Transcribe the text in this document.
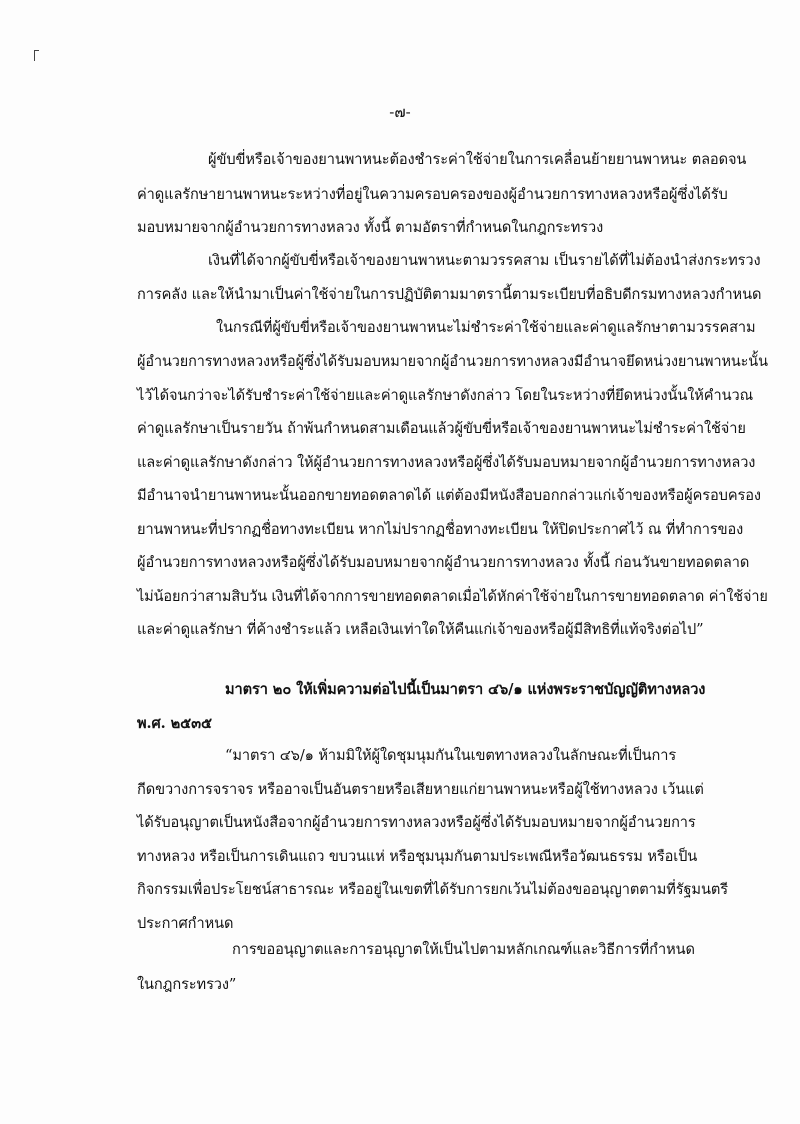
-๗-
ผู้ขับขี่หรือเจ้าของยานพาหนะต้องชำระค่าใช้จ่ายในการเคลื่อนย้ายยานพาหนะ ตลอดจน
ค่าดูแลรักษายานพาหนะระหว่างที่อยู่ในความครอบครองของผู้อำนวยการทางหลวงหรือผู้ซึ่งได้รับ
มอบหมายจากผู้อำนวยการทางหลวง ทั้งนี้ ตามอัตราที่กำหนดในกฎกระทรวง
เงินที่ได้จากผู้ขับขี่หรือเจ้าของยานพาหนะตามวรรคสาม เป็นรายได้ที่ไม่ต้องนำส่งกระทรวง
การคลัง และให้นำมาเป็นค่าใช้จ่ายในการปฏิบัติตามมาตรานี้ตามระเบียบที่อธิบดีกรมทางหลวงกำหนด
ในกรณีที่ผู้ขับขี่หรือเจ้าของยานพาหนะไม่ชำระค่าใช้จ่ายและค่าดูแลรักษาตามวรรคสาม
ผู้อำนวยการทางหลวงหรือผู้ซึ่งได้รับมอบหมายจากผู้อำนวยการทางหลวงมีอำนาจยึดหน่วงยานพาหนะนั้น
ไว้ได้จนกว่าจะได้รับชำระค่าใช้จ่ายและค่าดูแลรักษาดังกล่าว โดยในระหว่างที่ยึดหน่วงนั้นให้คำนวณ
ค่าดูแลรักษาเป็นรายวัน ถ้าพ้นกำหนดสามเดือนแล้วผู้ขับขี่หรือเจ้าของยานพาหนะไม่ชำระค่าใช้จ่าย
และค่าดูแลรักษาดังกล่าว ให้ผู้อำนวยการทางหลวงหรือผู้ซึ่งได้รับมอบหมายจากผู้อำนวยการทางหลวง
มีอำนาจนำยานพาหนะนั้นออกขายทอดตลาดได้ แต่ต้องมีหนังสือบอกกล่าวแก่เจ้าของหรือผู้ครอบครอง
ยานพาหนะที่ปรากฏชื่อทางทะเบียน หากไม่ปรากฏชื่อทางทะเบียน ให้ปิดประกาศไว้ ณ ที่ทำการของ
ผู้อำนวยการทางหลวงหรือผู้ซึ่งได้รับมอบหมายจากผู้อำนวยการทางหลวง ทั้งนี้ ก่อนวันขายทอดตลาด
ไม่น้อยกว่าสามสิบวัน เงินที่ได้จากการขายทอดตลาดเมื่อได้หักค่าใช้จ่ายในการขายทอดตลาด ค่าใช้จ่าย
และค่าดูแลรักษา ที่ค้างชำระแล้ว เหลือเงินเท่าใดให้คืนแก่เจ้าของหรือผู้มีสิทธิที่แท้จริงต่อไป”
มาตรา ๒๐ ให้เพิ่มความต่อไปนี้เป็นมาตรา ๔๖/๑ แห่งพระราชบัญญัติทางหลวง
พ.ศ. ๒๕๓๕
“มาตรา ๔๖/๑ ห้ามมิให้ผู้ใดชุมนุมกันในเขตทางหลวงในลักษณะที่เป็นการ
กีดขวางการจราจร หรืออาจเป็นอันตรายหรือเสียหายแก่ยานพาหนะหรือผู้ใช้ทางหลวง เว้นแต่
ได้รับอนุญาตเป็นหนังสือจากผู้อำนวยการทางหลวงหรือผู้ซึ่งได้รับมอบหมายจากผู้อำนวยการ
ทางหลวง หรือเป็นการเดินแถว ขบวนแห่ หรือชุมนุมกันตามประเพณีหรือวัฒนธรรม หรือเป็น
กิจกรรมเพื่อประโยชน์สาธารณะ หรืออยู่ในเขตที่ได้รับการยกเว้นไม่ต้องขออนุญาตตามที่รัฐมนตรี
ประกาศกำหนด
การขออนุญาตและการอนุญาตให้เป็นไปตามหลักเกณฑ์และวิธีการที่กำหนด
ในกฎกระทรวง”
